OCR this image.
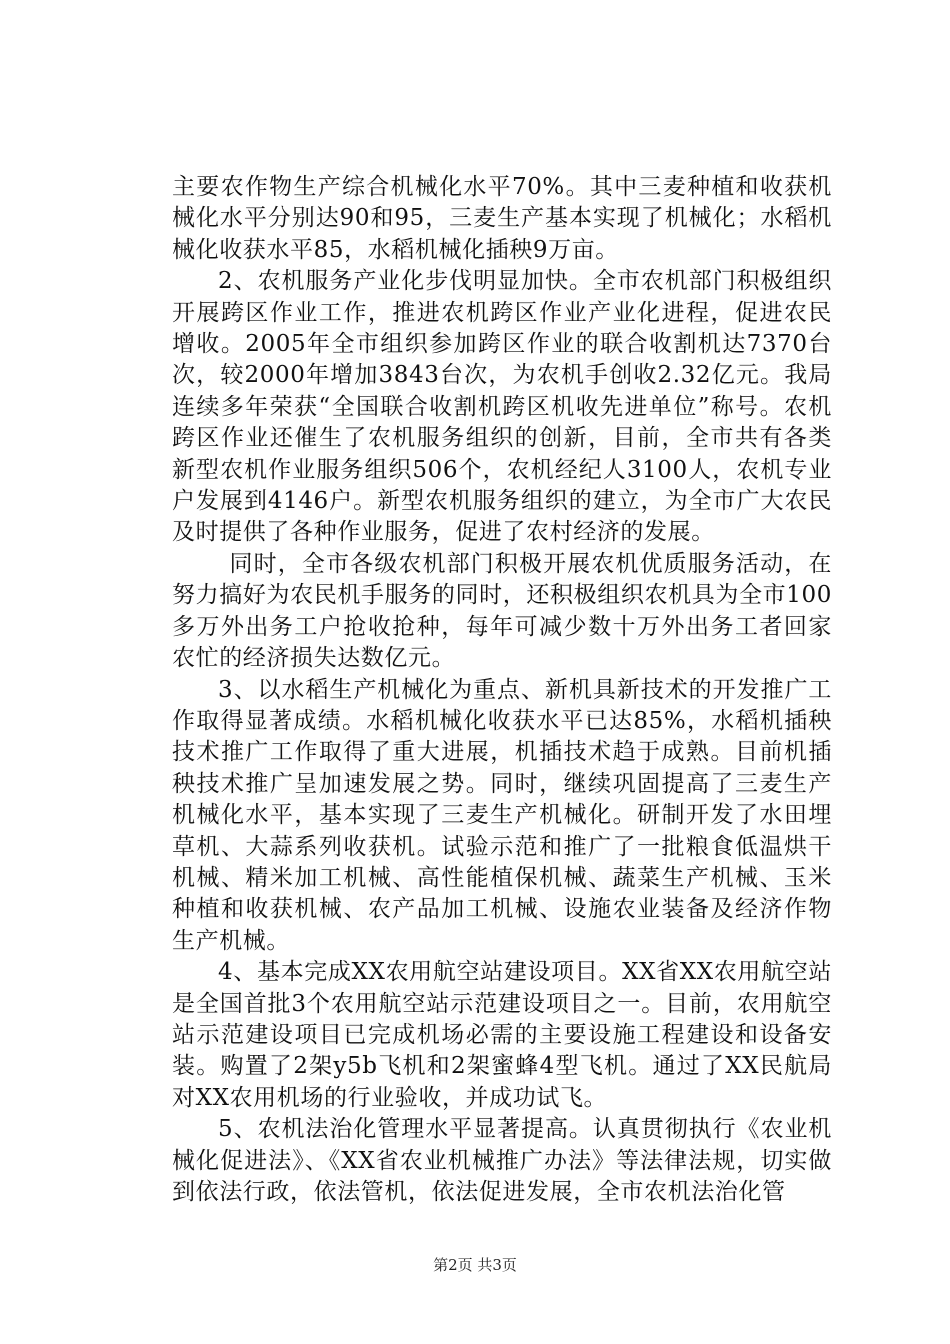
主要农作物生产综合机械化水平70%。其中三麦种植和收获机械化水平分别达90和95，三麦生产基本实现了机械化；水稻机械化收获水平85，水稻机械化插秧9万亩。

2、农机服务产业化步伐明显加快。全市农机部门积极组织开展跨区作业工作，推进农机跨区作业产业化进程，促进农民增收。2005年全市组织参加跨区作业的联合收割机达7370台次，较2000年增加3843台次，为农机手创收2.32亿元。我局连续多年荣获“全国联合收割机跨区机收先进单位”称号。农机跨区作业还催生了农机服务组织的创新，目前，全市共有各类新型农机作业服务组织506个，农机经纪人3100人，农机专业户发展到4146户。新型农机服务组织的建立，为全市广大农民及时提供了各种作业服务，促进了农村经济的发展。

同时，全市各级农机部门积极开展农机优质服务活动，在努力搞好为农民机手服务的同时，还积极组织农机具为全市100多万外出务工户抢收抢种，每年可减少数十万外出务工者回家农忙的经济损失达数亿元。

3、以水稻生产机械化为重点、新机具新技术的开发推广工作取得显著成绩。水稻机械化收获水平已达85%，水稻机插秧技术推广工作取得了重大进展，机插技术趋于成熟。目前机插秧技术推广呈加速发展之势。同时，继续巩固提高了三麦生产机械化水平，基本实现了三麦生产机械化。研制开发了水田埋草机、大蒜系列收获机。试验示范和推广了一批粮食低温烘干机械、精米加工机械、高性能植保机械、蔬菜生产机械、玉米种植和收获机械、农产品加工机械、设施农业装备及经济作物生产机械。

4、基本完成XX农用航空站建设项目。XX省XX农用航空站是全国首批3个农用航空站示范建设项目之一。目前，农用航空站示范建设项目已完成机场必需的主要设施工程建设和设备安装。购置了2架y5b飞机和2架蜜蜂4型飞机。通过了XX民航局对XX农用机场的行业验收，并成功试飞。

5、农机法治化管理水平显著提高。认真贯彻执行《农业机械化促进法》、《XX省农业机械推广办法》等法律法规，切实做到依法行政，依法管机，依法促进发展，全市农机法治化管

第2页 共3页
